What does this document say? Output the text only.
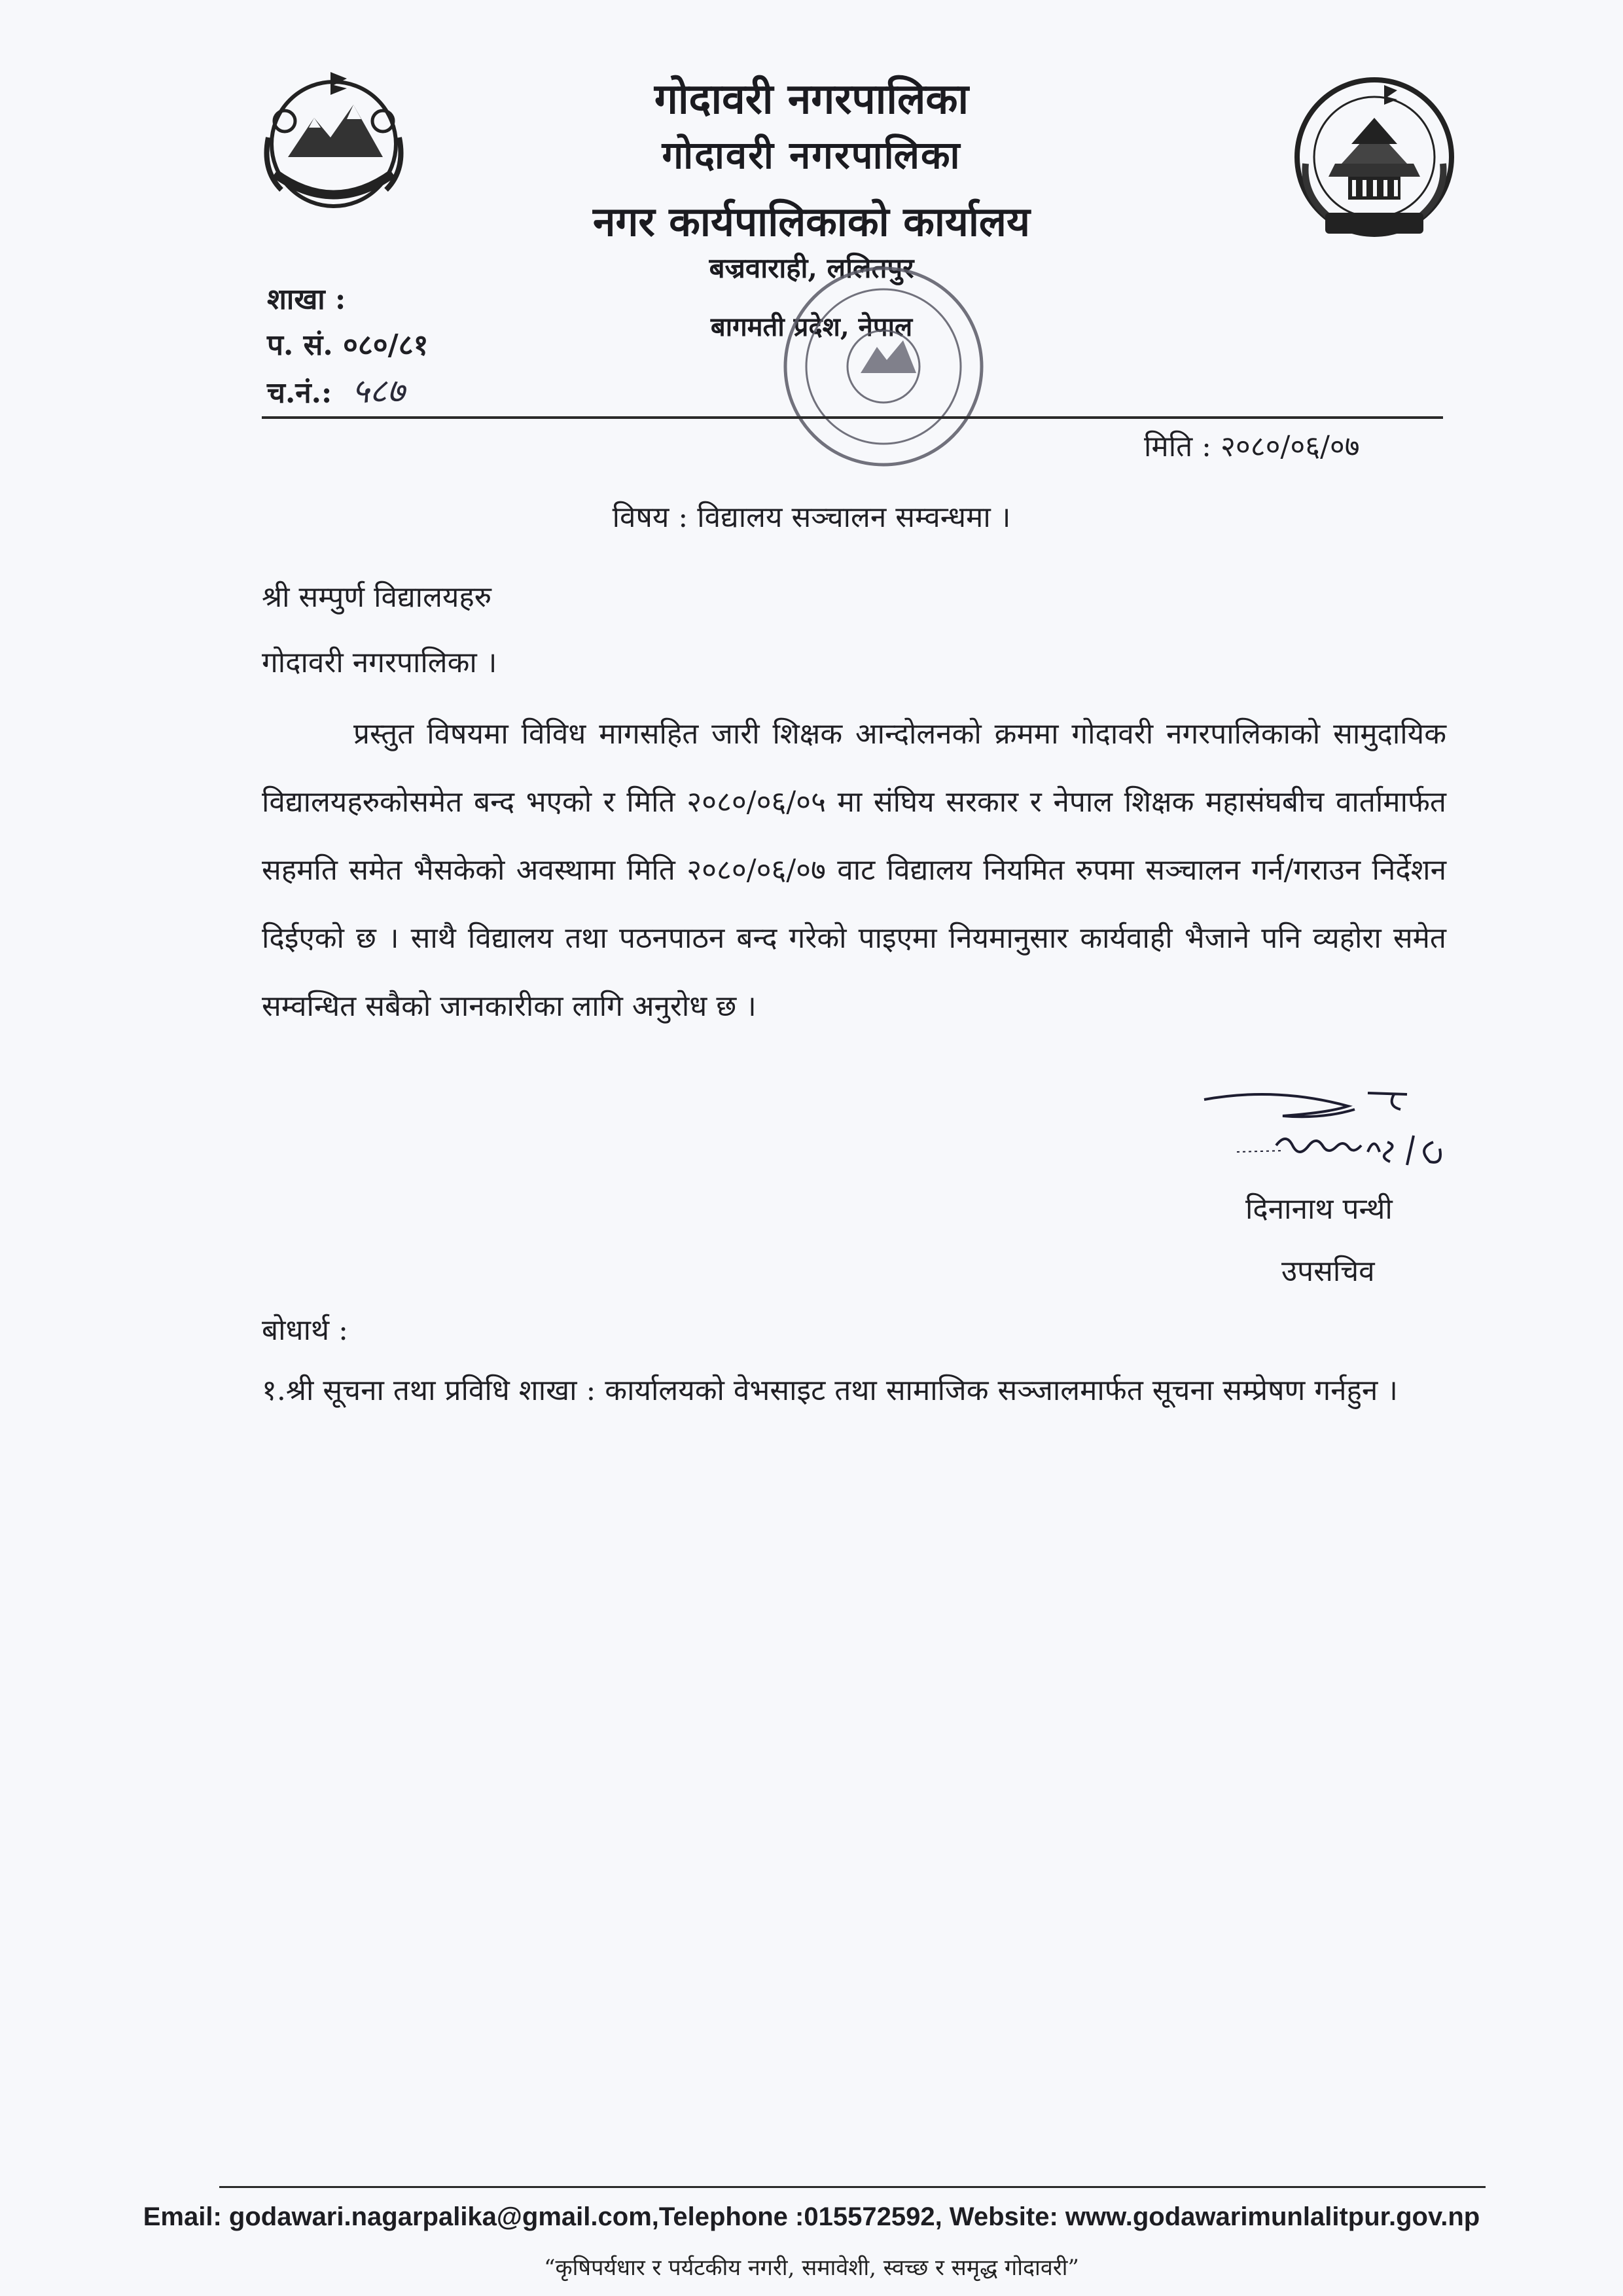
गोदावरी नगरपालिका
गोदावरी नगरपालिका
नगर कार्यपालिकाको कार्यालय
बज्रवाराही, ललितपुर
बागमती प्रदेश, नेपाल
शाखा :
प. सं. ०८०/८१
च.नं.: ५८७
मिति : २०८०/०६/०७
विषय : विद्यालय सञ्चालन सम्वन्धमा ।
श्री सम्पुर्ण विद्यालयहरु
गोदावरी नगरपालिका ।
प्रस्तुत विषयमा विविध मागसहित जारी शिक्षक आन्दोलनको क्रममा गोदावरी नगरपालिकाको सामुदायिक विद्यालयहरुकोसमेत बन्द भएको र मिति २०८०/०६/०५ मा संघिय सरकार र नेपाल शिक्षक महासंघबीच वार्तामार्फत सहमति समेत भैसकेको अवस्थामा मिति २०८०/०६/०७ वाट विद्यालय नियमित रुपमा सञ्चालन गर्न/गराउन निर्देशन दिईएको छ । साथै विद्यालय तथा पठनपाठन बन्द गरेको पाइएमा नियमानुसार कार्यवाही भैजाने पनि व्यहोरा समेत सम्वन्धित सबैको जानकारीका लागि अनुरोध छ ।
दिनानाथ पन्थी
उपसचिव
बोधार्थ :
१.श्री सूचना तथा प्रविधि शाखा : कार्यालयको वेभसाइट तथा सामाजिक सञ्जालमार्फत सूचना सम्प्रेषण गर्नहुन ।
Email: godawari.nagarpalika@gmail.com,Telephone :015572592, Website: www.godawarimunlalitpur.gov.np
“कृषिपर्यधार र पर्यटकीय नगरी, समावेशी, स्वच्छ र समृद्ध गोदावरी”
